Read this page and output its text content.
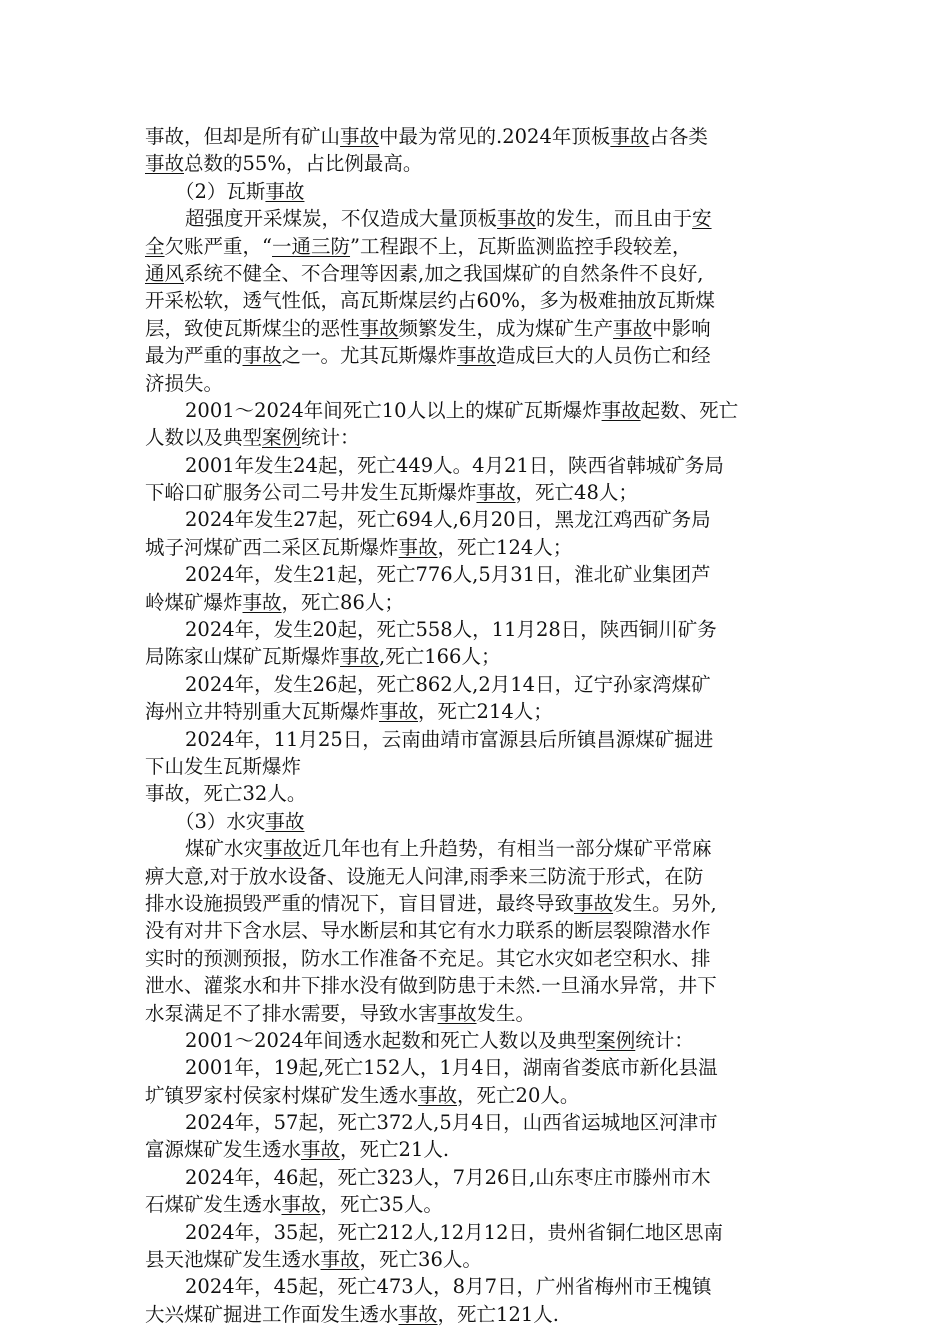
事故，但却是所有矿山事故中最为常见的.2024年顶板事故占各类
事故总数的55%，占比例最高。
（2）瓦斯事故
超强度开采煤炭，不仅造成大量顶板事故的发生，而且由于安
全欠账严重，“一通三防”工程跟不上，瓦斯监测监控手段较差，
通风系统不健全、不合理等因素,加之我国煤矿的自然条件不良好,
开采松软，透气性低，高瓦斯煤层约占60%，多为极难抽放瓦斯煤
层，致使瓦斯煤尘的恶性事故频繁发生，成为煤矿生产事故中影响
最为严重的事故之一。尤其瓦斯爆炸事故造成巨大的人员伤亡和经
济损失。
2001～2024年间死亡10人以上的煤矿瓦斯爆炸事故起数、死亡
人数以及典型案例统计：
2001年发生24起，死亡449人。4月21日，陕西省韩城矿务局
下峪口矿服务公司二号井发生瓦斯爆炸事故，死亡48人；
2024年发生27起，死亡694人,6月20日，黑龙江鸡西矿务局
城子河煤矿西二采区瓦斯爆炸事故，死亡124人；
2024年，发生21起，死亡776人,5月31日，淮北矿业集团芦
岭煤矿爆炸事故，死亡86人；
2024年，发生20起，死亡558人，11月28日，陕西铜川矿务
局陈家山煤矿瓦斯爆炸事故,死亡166人；
2024年，发生26起，死亡862人,2月14日，辽宁孙家湾煤矿
海州立井特别重大瓦斯爆炸事故，死亡214人；
2024年，11月25日，云南曲靖市富源县后所镇昌源煤矿掘进
下山发生瓦斯爆炸
事故，死亡32人。
（3）水灾事故
煤矿水灾事故近几年也有上升趋势，有相当一部分煤矿平常麻
痹大意,对于放水设备、设施无人问津,雨季来三防流于形式，在防
排水设施损毁严重的情况下，盲目冒进，最终导致事故发生。另外,
没有对井下含水层、导水断层和其它有水力联系的断层裂隙潜水作
实时的预测预报，防水工作准备不充足。其它水灾如老空积水、排
泄水、灌浆水和井下排水没有做到防患于未然.一旦涌水异常，井下
水泵满足不了排水需要，导致水害事故发生。
2001～2024年间透水起数和死亡人数以及典型案例统计：
2001年，19起,死亡152人，1月4日，湖南省娄底市新化县温
圹镇罗家村侯家村煤矿发生透水事故，死亡20人。
2024年，57起，死亡372人,5月4日，山西省运城地区河津市
富源煤矿发生透水事故，死亡21人.
2024年，46起，死亡323人，7月26日,山东枣庄市滕州市木
石煤矿发生透水事故，死亡35人。
2024年，35起，死亡212人,12月12日，贵州省铜仁地区思南
县天池煤矿发生透水事故，死亡36人。
2024年，45起，死亡473人，8月7日，广州省梅州市王槐镇
大兴煤矿掘进工作面发生透水事故，死亡121人.
